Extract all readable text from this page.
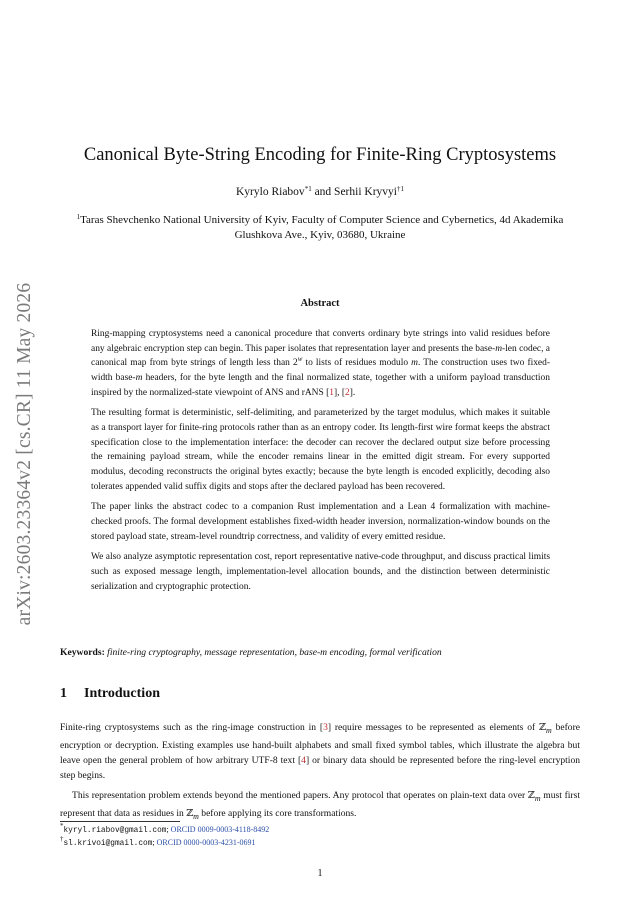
arXiv:2603.23364v2 [cs.CR] 11 May 2026
Canonical Byte-String Encoding for Finite-Ring Cryptosystems
Kyrylo Riabov$^{*1}$ and Serhii Kryvyi$^{\dagger 1}$
$^1$Taras Shevchenko National University of Kyiv, Faculty of Computer Science and Cybernetics, 4d Akademika Glushkova Ave., Kyiv, 03680, Ukraine
Abstract

Ring-mapping cryptosystems need a canonical procedure that converts ordinary byte strings into valid residues before any algebraic encryption step can begin. This paper isolates that representation layer and presents the base-m-len codec, a canonical map from byte strings of length less than 2$^w$ to lists of residues modulo m. The construction uses two fixed-width base-m headers, for the byte length and the final normalized state, together with a uniform payload transduction inspired by the normalized-state viewpoint of ANS and rANS [1], [2].

The resulting format is deterministic, self-delimiting, and parameterized by the target modulus, which makes it suitable as a transport layer for finite-ring protocols rather than as an entropy coder. Its length-first wire format keeps the abstract specification close to the implementation interface: the decoder can recover the declared output size before processing the remaining payload stream, while the encoder remains linear in the emitted digit stream. For every supported modulus, decoding reconstructs the original bytes exactly; because the byte length is encoded explicitly, decoding also tolerates appended valid suffix digits and stops after the declared payload has been recovered.

The paper links the abstract codec to a companion Rust implementation and a Lean 4 formalization with machine-checked proofs. The formal development establishes fixed-width header inversion, normalization-window bounds on the stored payload state, stream-level roundtrip correctness, and validity of every emitted residue.

We also analyze asymptotic representation cost, report representative native-code throughput, and discuss practical limits such as exposed message length, implementation-level allocation bounds, and the distinction between deterministic serialization and cryptographic protection.

Keywords: finite-ring cryptography, message representation, base-m encoding, formal verification
1 Introduction

Finite-ring cryptosystems such as the ring-image construction in [3] require messages to be represented as elements of ℤ$_m$ before encryption or decryption. Existing examples use hand-built alphabets and small fixed symbol tables, which illustrate the algebra but leave open the general problem of how arbitrary UTF-8 text [4] or binary data should be represented before the ring-level encryption step begins.

This representation problem extends beyond the mentioned papers. Any protocol that operates on plain-text data over ℤ$_m$ must first represent that data as residues in ℤ$_m$ before applying its core transformations.

*kyryl.riabov@gmail.com; ORCID 0009-0003-4118-8492
†sl.krivoi@gmail.com; ORCID 0000-0003-4231-0691
1
